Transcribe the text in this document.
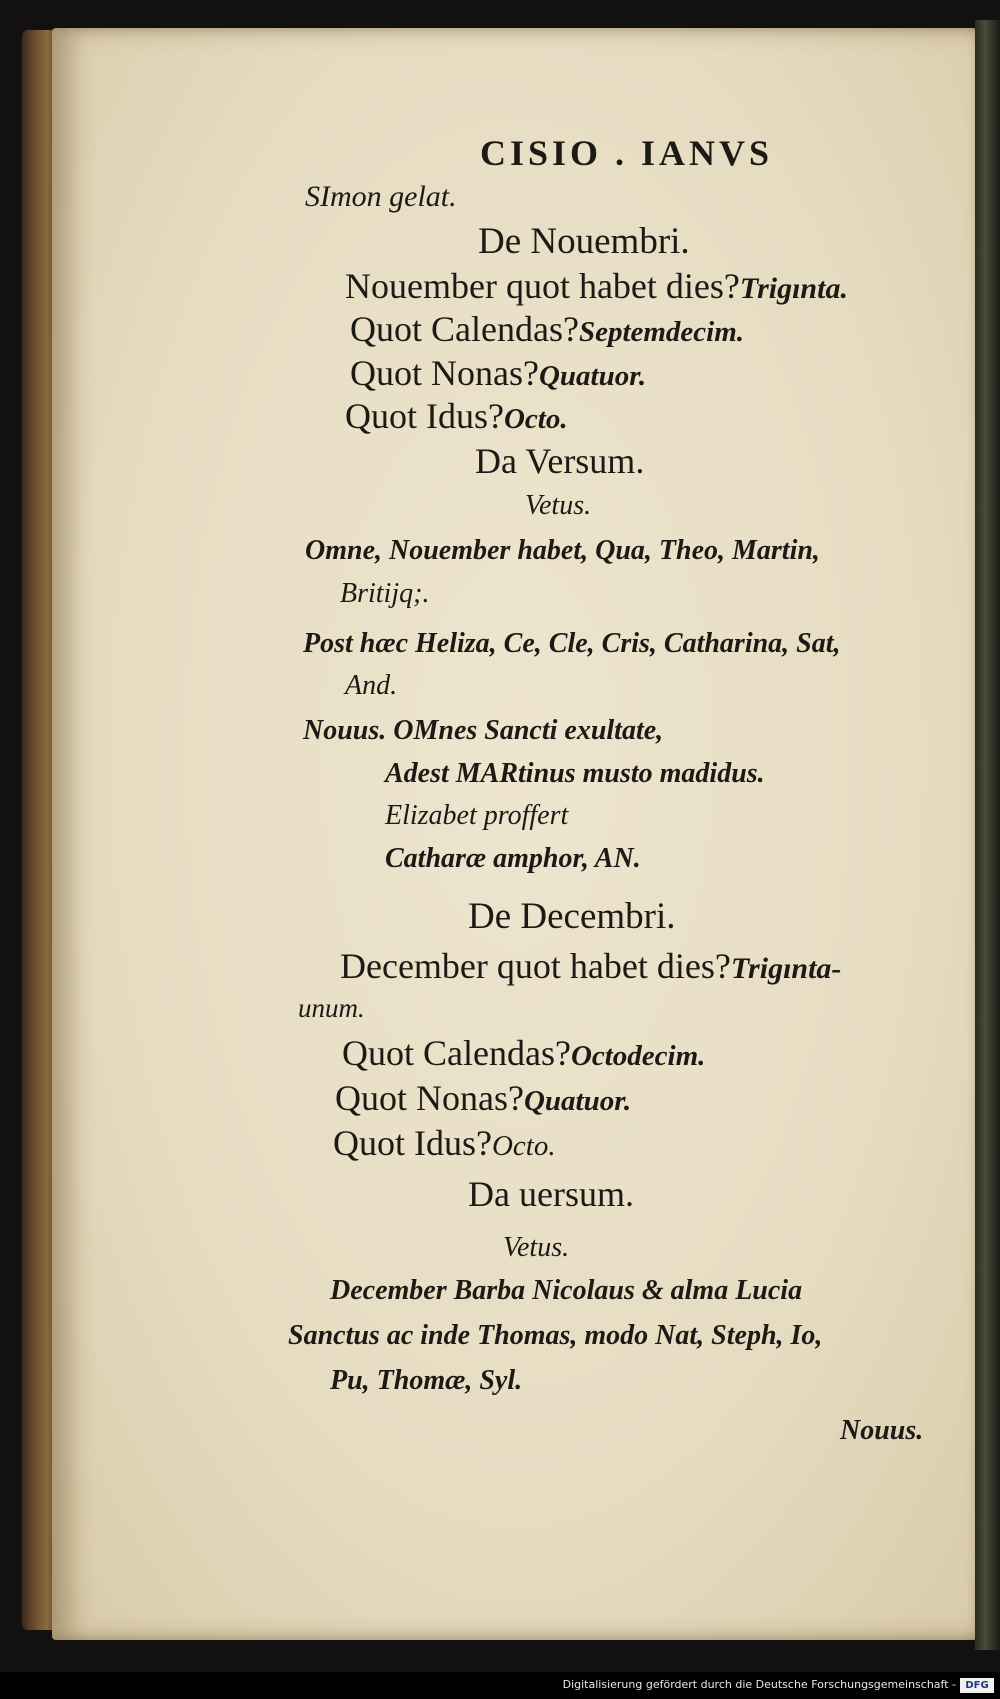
CISIO . IANVS
SImon gelat.
De Nouembri.
Nouember quot habet dies?Trigınta.
Quot Calendas?Septemdecim.
Quot Nonas?Quatuor.
Quot Idus?Octo.
Da Versum.
Vetus.
Omne, Nouember habet, Qua, Theo, Martin,
Britijq;.
Post hæc Heliza, Ce, Cle, Cris, Catharina, Sat,
And.
Nouus. OMnes Sancti exultate,
Adest MARtinus musto madidus.
Elizabet proffert
Catharæ amphor, AN.
De Decembri.
December quot habet dies?Trigınta-
unum.
Quot Calendas?Octodecim.
Quot Nonas?Quatuor.
Quot Idus?Octo.
Da uersum.
Vetus.
December Barba Nicolaus & alma Lucia
Sanctus ac inde Thomas, modo Nat, Steph, Io,
Pu, Thomæ, Syl.
Nouus.
Digitalisierung gefördert durch die Deutsche Forschungsgemeinschaft - DFG
